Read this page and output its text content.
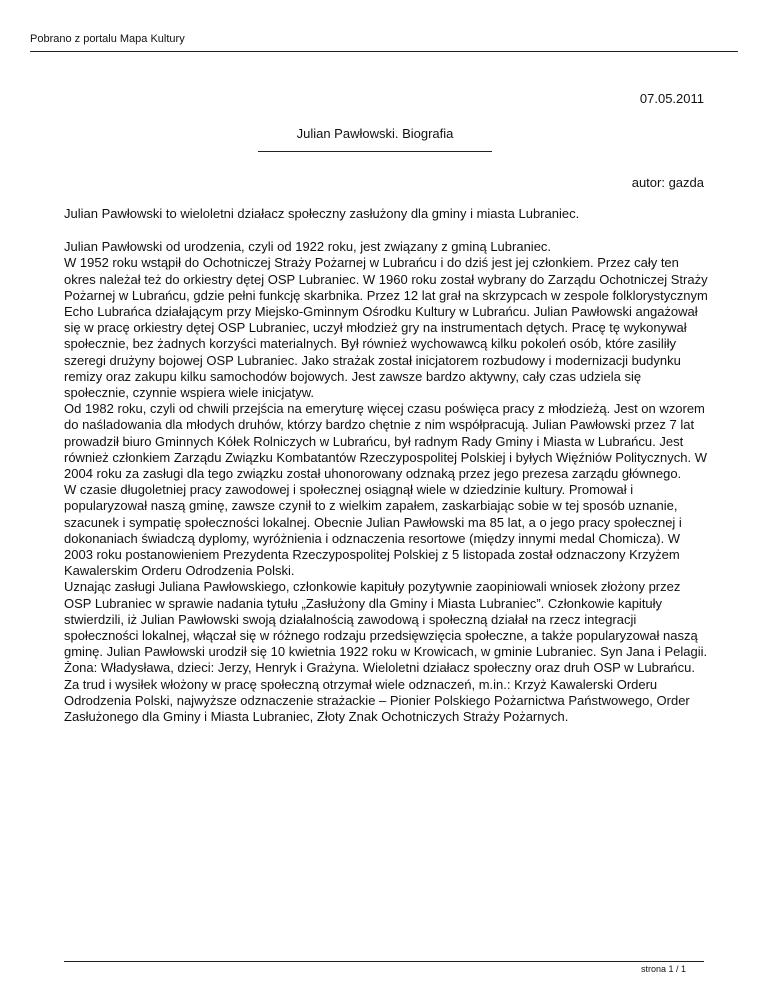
Pobrano z portalu Mapa Kultury
07.05.2011
Julian Pawłowski. Biografia
autor: gazda

Julian Pawłowski to wieloletni działacz społeczny zasłużony dla gminy i miasta Lubraniec.

Julian Pawłowski od urodzenia, czyli od 1922 roku, jest związany z gminą Lubraniec.
W 1952 roku wstąpił do Ochotniczej Straży Pożarnej w Lubrańcu i do dziś jest jej członkiem. Przez cały ten okres należał też do orkiestry dętej OSP Lubraniec. W 1960 roku został wybrany do Zarządu Ochotniczej Straży Pożarnej w Lubrańcu, gdzie pełni funkcję skarbnika. Przez 12 lat grał na skrzypcach w zespole folklorystycznym Echo Lubrańca działającym przy Miejsko-Gminnym Ośrodku Kultury w Lubrańcu. Julian Pawłowski angażował się w pracę orkiestry dętej OSP Lubraniec, uczył młodzież gry na instrumentach dętych. Pracę tę wykonywał społecznie, bez żadnych korzyści materialnych. Był również wychowawcą kilku pokoleń osób, które zasiliły szeregi drużyny bojowej OSP Lubraniec. Jako strażak został inicjatorem rozbudowy i modernizacji budynku remizy oraz zakupu kilku samochodów bojowych. Jest zawsze bardzo aktywny, cały czas udziela się społecznie, czynnie wspiera wiele inicjatyw.
Od 1982 roku, czyli od chwili przejścia na emeryturę więcej czasu poświęca pracy z młodzieżą. Jest on wzorem do naśladowania dla młodych druhów, którzy bardzo chętnie z nim współpracują. Julian Pawłowski przez 7 lat prowadził biuro Gminnych Kółek Rolniczych w Lubrańcu, był radnym Rady Gminy i Miasta w Lubrańcu. Jest również członkiem Zarządu Związku Kombatantów Rzeczypospolitej Polskiej i byłych Więźniów Politycznych. W 2004 roku za zasługi dla tego związku został uhonorowany odznaką przez jego prezesa zarządu głównego.
W czasie długoletniej pracy zawodowej i społecznej osiągnął wiele w dziedzinie kultury. Promował i popularyzował naszą gminę, zawsze czynił to z wielkim zapałem, zaskarbiając sobie w tej sposób uznanie, szacunek i sympatię społeczności lokalnej. Obecnie Julian Pawłowski ma 85 lat, a o jego pracy społecznej i dokonaniach świadczą dyplomy, wyróżnienia i odznaczenia resortowe (między innymi medal Chomicza). W 2003 roku postanowieniem Prezydenta Rzeczypospolitej Polskiej z 5 listopada został odznaczony Krzyżem Kawalerskim Orderu Odrodzenia Polski.
Uznając zasługi Juliana Pawłowskiego, członkowie kapituły pozytywnie zaopiniowali wniosek złożony przez OSP Lubraniec w sprawie nadania tytułu „Zasłużony dla Gminy i Miasta Lubraniec”. Członkowie kapituły stwierdzili, iż Julian Pawłowski swoją działalnością zawodową i społeczną działał na rzecz integracji społeczności lokalnej, włączał się w różnego rodzaju przedsięwzięcia społeczne, a także popularyzował naszą gminę. Julian Pawłowski urodził się 10 kwietnia 1922 roku w Krowicach, w gminie Lubraniec. Syn Jana i Pelagii. Żona: Władysława, dzieci: Jerzy, Henryk i Grażyna. Wieloletni działacz społeczny oraz druh OSP w Lubrańcu. Za trud i wysiłek włożony w pracę społeczną otrzymał wiele odznaczeń, m.in.: Krzyż Kawalerski Orderu Odrodzenia Polski, najwyższe odznaczenie strażackie – Pionier Polskiego Pożarnictwa Państwowego, Order Zasłużonego dla Gminy i Miasta Lubraniec, Złoty Znak Ochotniczych Straży Pożarnych.

strona 1 / 1
